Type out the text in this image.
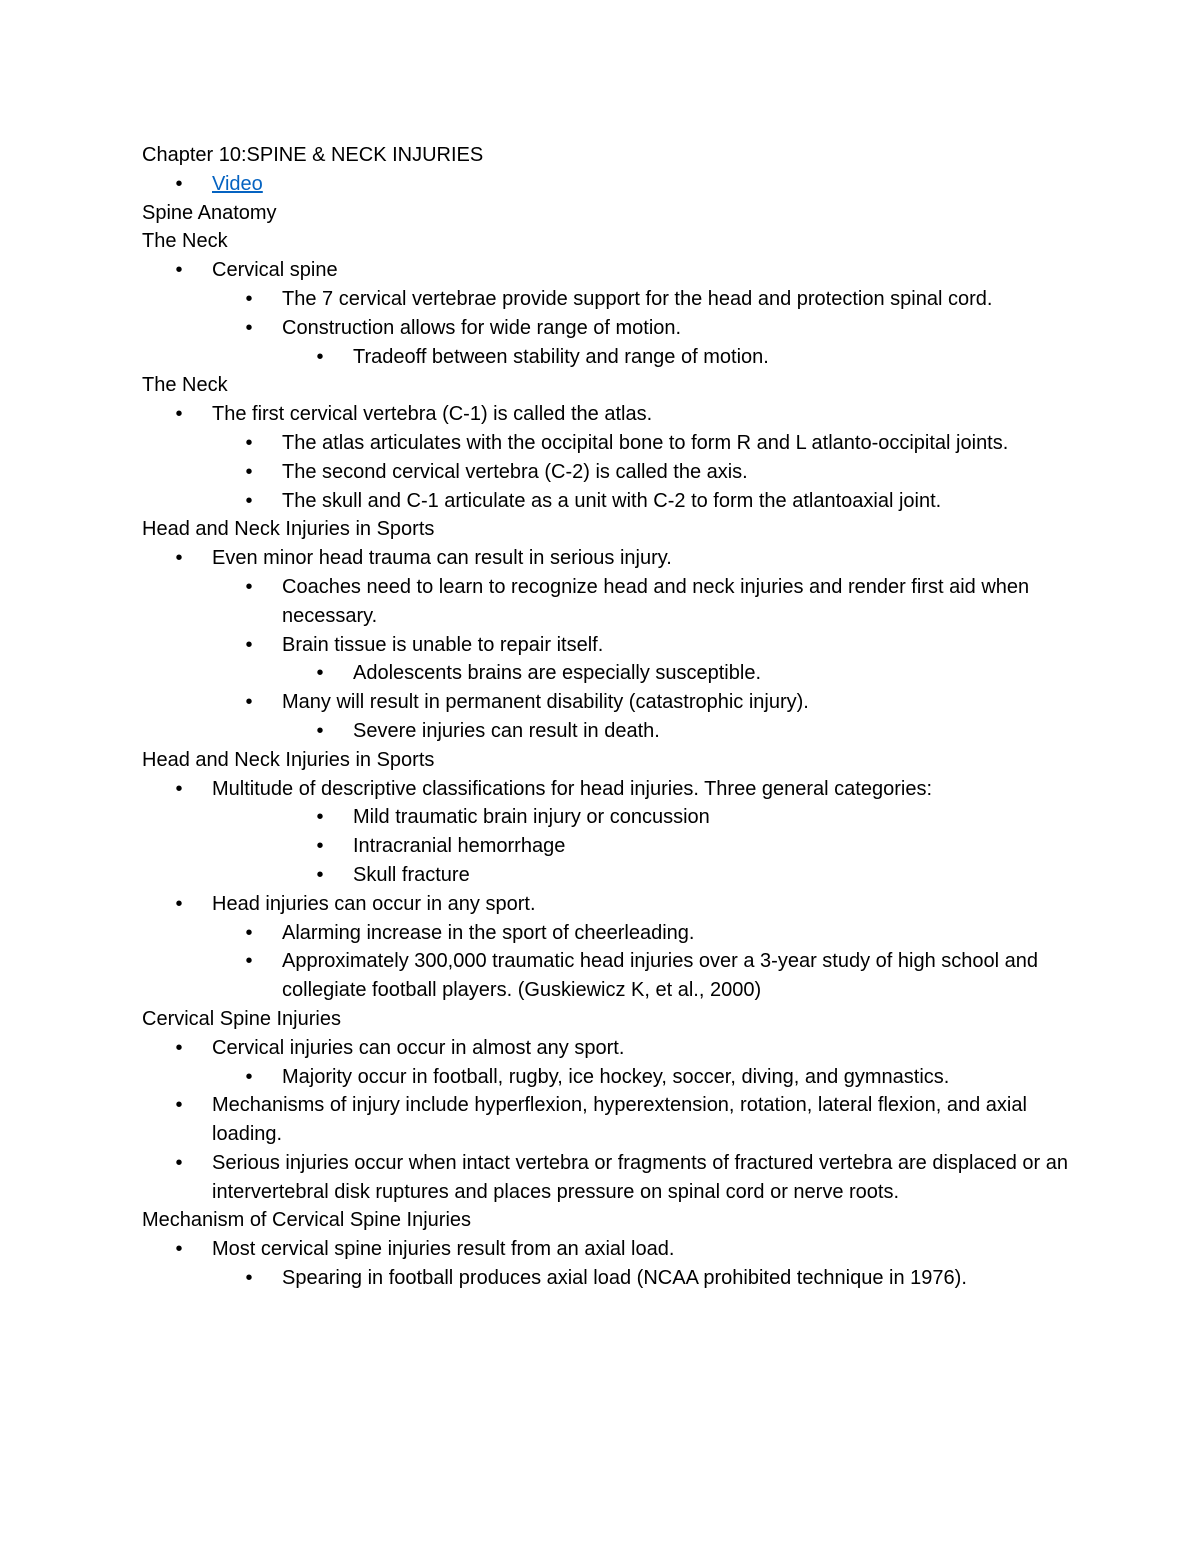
Chapter 10:SPINE & NECK INJURIES
•	Video
Spine Anatomy
The Neck
•	Cervical spine
•	The 7 cervical vertebrae provide support for the head and protection spinal cord.
•	Construction allows for wide range of motion.
•	Tradeoff between stability and range of motion.
The Neck
•	The first cervical vertebra (C-1) is called the atlas.
•	The atlas articulates with the occipital bone to form R and L atlanto-occipital joints.
•	The second cervical vertebra (C-2) is called the axis.
•	The skull and C-1 articulate as a unit with C-2 to form the atlantoaxial joint.
Head and Neck Injuries in Sports
•	Even minor head trauma can result in serious injury.
•	Coaches need to learn to recognize head and neck injuries and render first aid when necessary.
•	Brain tissue is unable to repair itself.
•	Adolescents brains are especially susceptible.
•	Many will result in permanent disability (catastrophic injury).
•	Severe injuries can result in death.
Head and Neck Injuries in Sports
•	Multitude of descriptive classifications for head injuries. Three general categories:
•	Mild traumatic brain injury or concussion
•	Intracranial hemorrhage
•	Skull fracture
•	Head injuries can occur in any sport.
•	Alarming increase in the sport of cheerleading.
•	Approximately 300,000 traumatic head injuries over a 3-year study of high school and collegiate football players. (Guskiewicz K, et al., 2000)
Cervical Spine Injuries
•	Cervical injuries can occur in almost any sport.
•	Majority occur in football, rugby, ice hockey, soccer, diving, and gymnastics.
•	Mechanisms of injury include hyperflexion, hyperextension, rotation, lateral flexion, and axial loading.
•	Serious injuries occur when intact vertebra or fragments of fractured vertebra are displaced or an intervertebral disk ruptures and places pressure on spinal cord or nerve roots.
Mechanism of Cervical Spine Injuries
•	Most cervical spine injuries result from an axial load.
•	Spearing in football produces axial load (NCAA prohibited technique in 1976).
